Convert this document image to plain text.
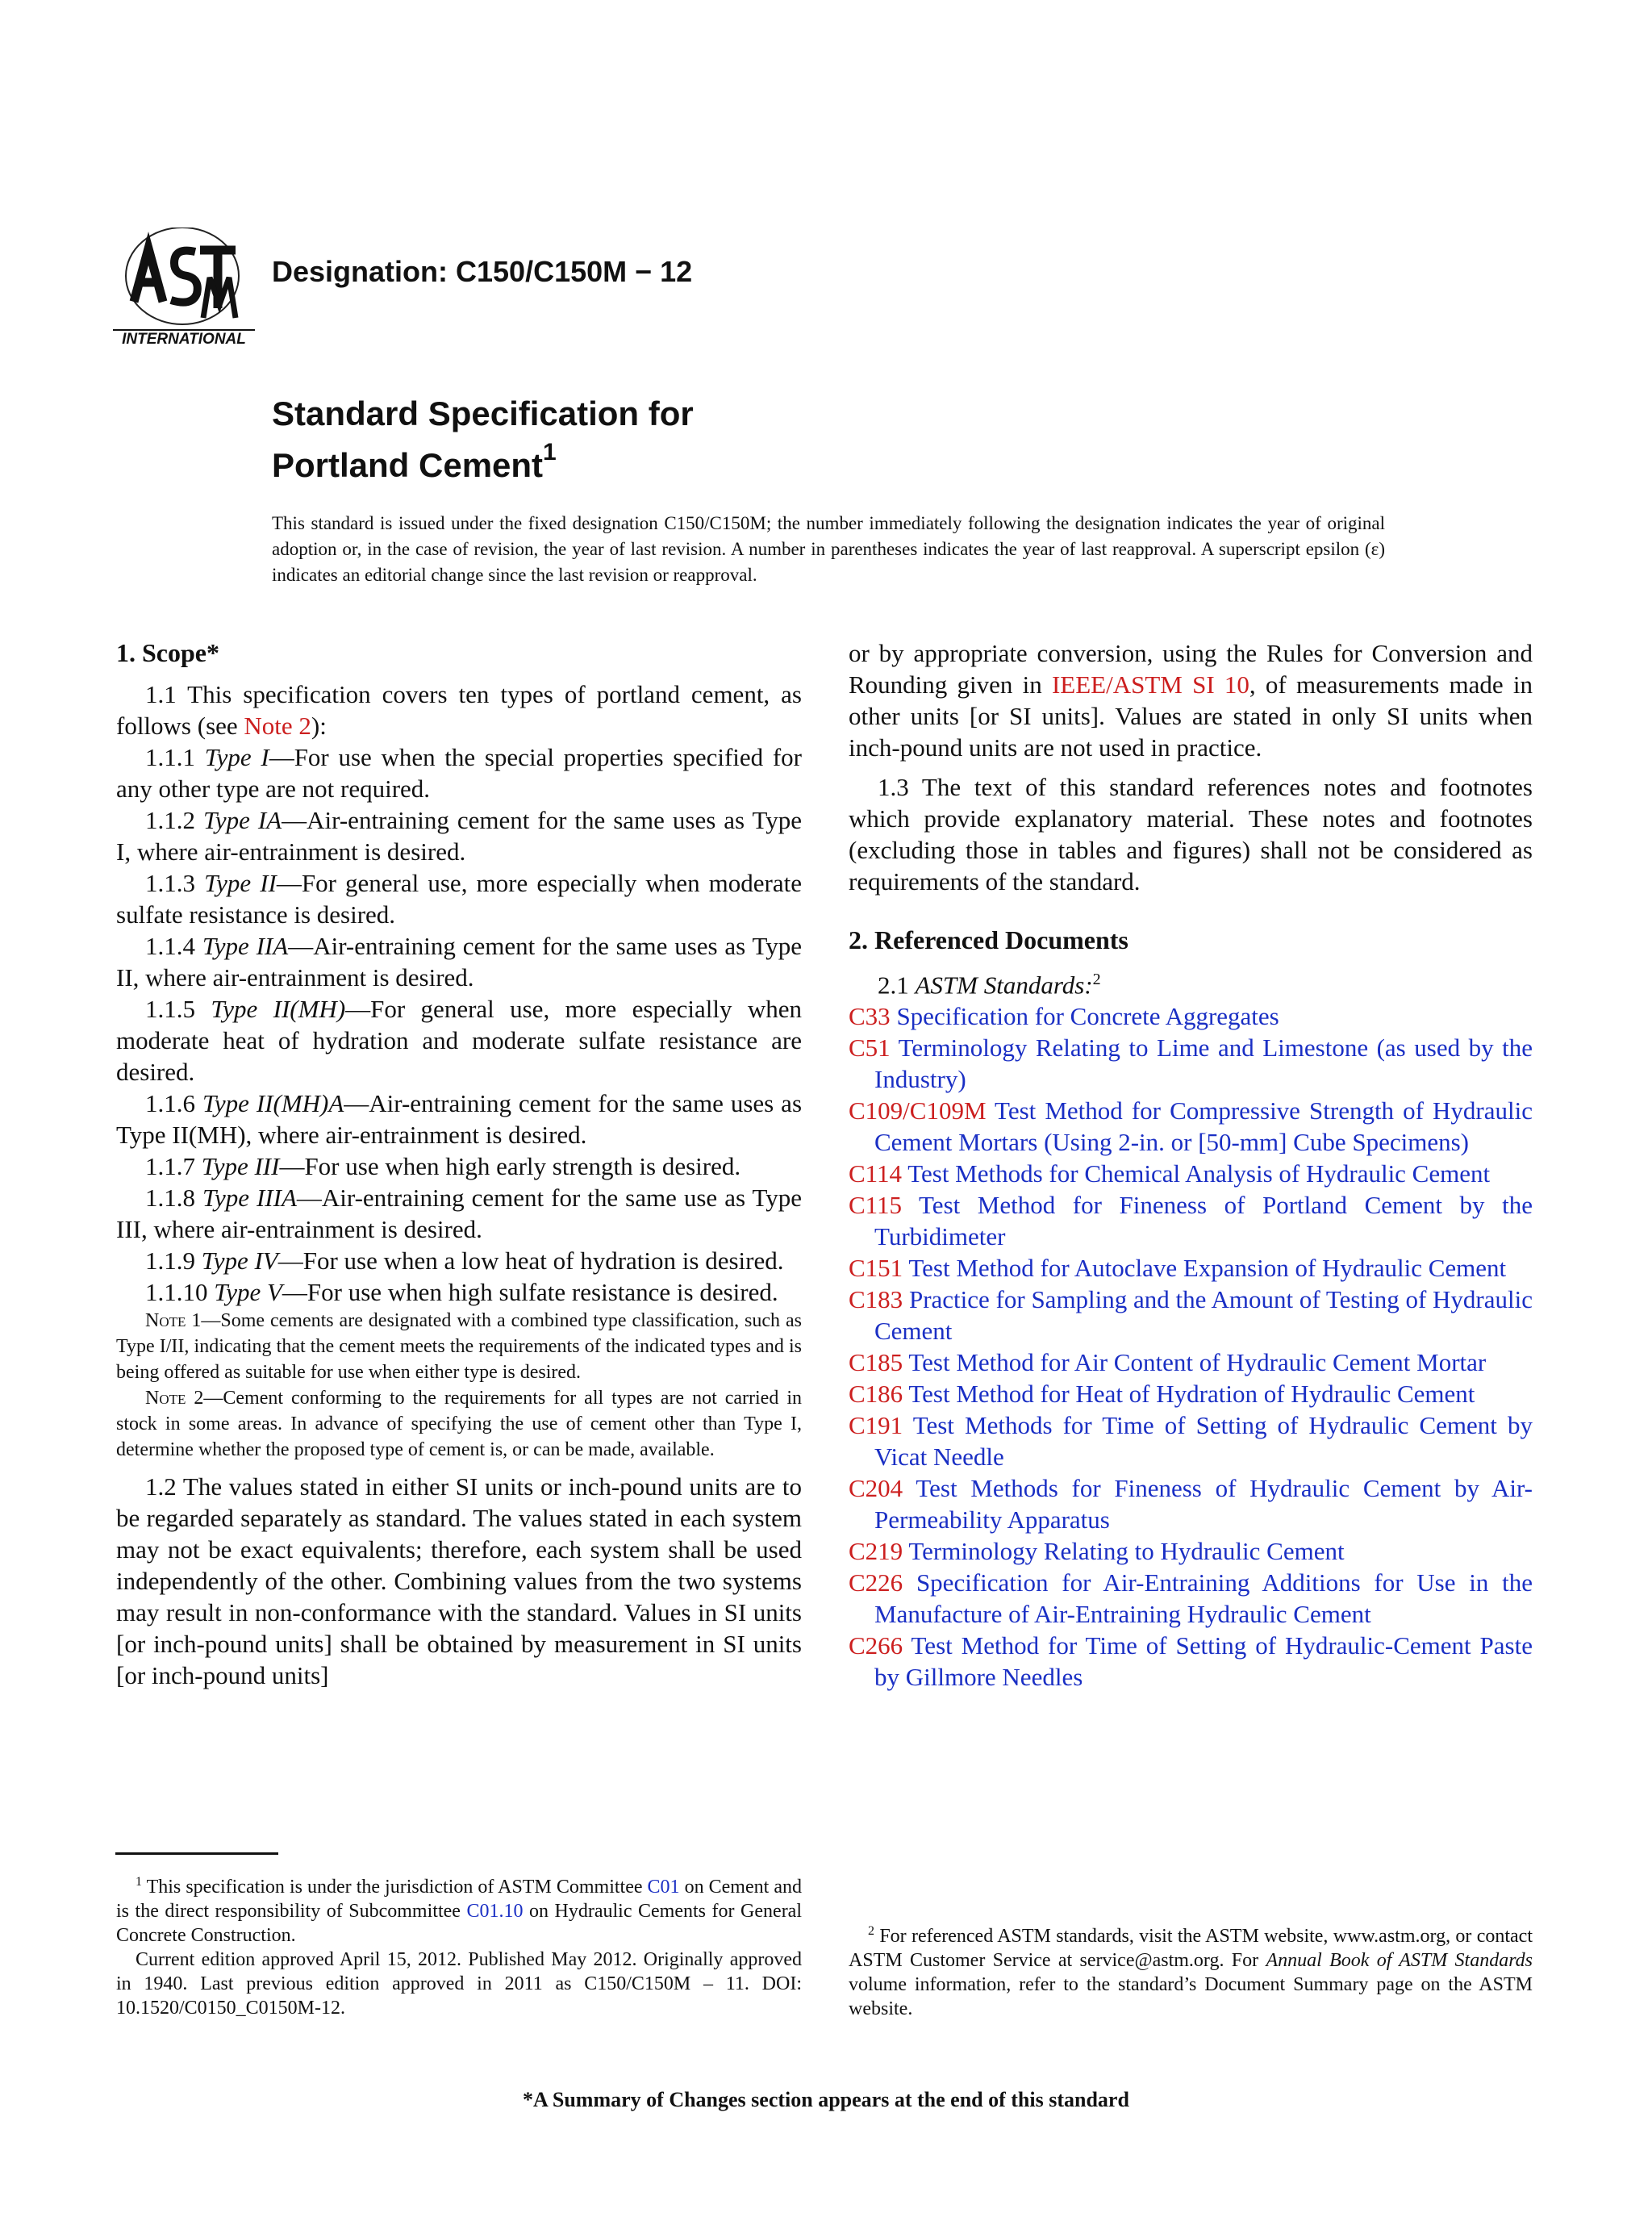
INTERNATIONAL
Designation: C150/C150M − 12
Standard Specification for
Portland Cement$^1$
This standard is issued under the fixed designation C150/C150M; the number immediately following the designation indicates the year of original adoption or, in the case of revision, the year of last revision. A number in parentheses indicates the year of last reapproval. A superscript epsilon (ε) indicates an editorial change since the last revision or reapproval.

1. Scope*

1.1 This specification covers ten types of portland cement, as follows (see Note 2):

1.1.1 Type I—For use when the special properties specified for any other type are not required.

1.1.2 Type IA—Air-entraining cement for the same uses as Type I, where air-entrainment is desired.

1.1.3 Type II—For general use, more especially when moderate sulfate resistance is desired.

1.1.4 Type IIA—Air-entraining cement for the same uses as Type II, where air-entrainment is desired.

1.1.5 Type II(MH)—For general use, more especially when moderate heat of hydration and moderate sulfate resistance are desired.

1.1.6 Type II(MH)A—Air-entraining cement for the same uses as Type II(MH), where air-entrainment is desired.

1.1.7 Type III—For use when high early strength is desired.

1.1.8 Type IIIA—Air-entraining cement for the same use as Type III, where air-entrainment is desired.

1.1.9 Type IV—For use when a low heat of hydration is desired.

1.1.10 Type V—For use when high sulfate resistance is desired.

Note 1—Some cements are designated with a combined type classification, such as Type I/II, indicating that the cement meets the requirements of the indicated types and is being offered as suitable for use when either type is desired.

Note 2—Cement conforming to the requirements for all types are not carried in stock in some areas. In advance of specifying the use of cement other than Type I, determine whether the proposed type of cement is, or can be made, available.

1.2 The values stated in either SI units or inch-pound units are to be regarded separately as standard. The values stated in each system may not be exact equivalents; therefore, each system shall be used independently of the other. Combining values from the two systems may result in non-conformance with the standard. Values in SI units [or inch-pound units] shall be obtained by measurement in SI units [or inch-pound units]

or by appropriate conversion, using the Rules for Conversion and Rounding given in IEEE/ASTM SI 10, of measurements made in other units [or SI units]. Values are stated in only SI units when inch-pound units are not used in practice.

1.3 The text of this standard references notes and footnotes which provide explanatory material. These notes and footnotes (excluding those in tables and figures) shall not be considered as requirements of the standard.

2. Referenced Documents

2.1 ASTM Standards:$^2$

C33 Specification for Concrete Aggregates

C51 Terminology Relating to Lime and Limestone (as used by the Industry)

C109/C109M Test Method for Compressive Strength of Hydraulic Cement Mortars (Using 2-in. or [50-mm] Cube Specimens)

C114 Test Methods for Chemical Analysis of Hydraulic Cement

C115 Test Method for Fineness of Portland Cement by the Turbidimeter

C151 Test Method for Autoclave Expansion of Hydraulic Cement

C183 Practice for Sampling and the Amount of Testing of Hydraulic Cement

C185 Test Method for Air Content of Hydraulic Cement Mortar

C186 Test Method for Heat of Hydration of Hydraulic Cement

C191 Test Methods for Time of Setting of Hydraulic Cement by Vicat Needle

C204 Test Methods for Fineness of Hydraulic Cement by Air-Permeability Apparatus

C219 Terminology Relating to Hydraulic Cement

C226 Specification for Air-Entraining Additions for Use in the Manufacture of Air-Entraining Hydraulic Cement

C266 Test Method for Time of Setting of Hydraulic-Cement Paste by Gillmore Needles

$^1$ This specification is under the jurisdiction of ASTM Committee C01 on Cement and is the direct responsibility of Subcommittee C01.10 on Hydraulic Cements for General Concrete Construction.

Current edition approved April 15, 2012. Published May 2012. Originally approved in 1940. Last previous edition approved in 2011 as C150/C150M – 11. DOI: 10.1520/C0150_C0150M-12.

$^2$ For referenced ASTM standards, visit the ASTM website, www.astm.org, or contact ASTM Customer Service at service@astm.org. For Annual Book of ASTM Standards volume information, refer to the standard’s Document Summary page on the ASTM website.

*A Summary of Changes section appears at the end of this standard
